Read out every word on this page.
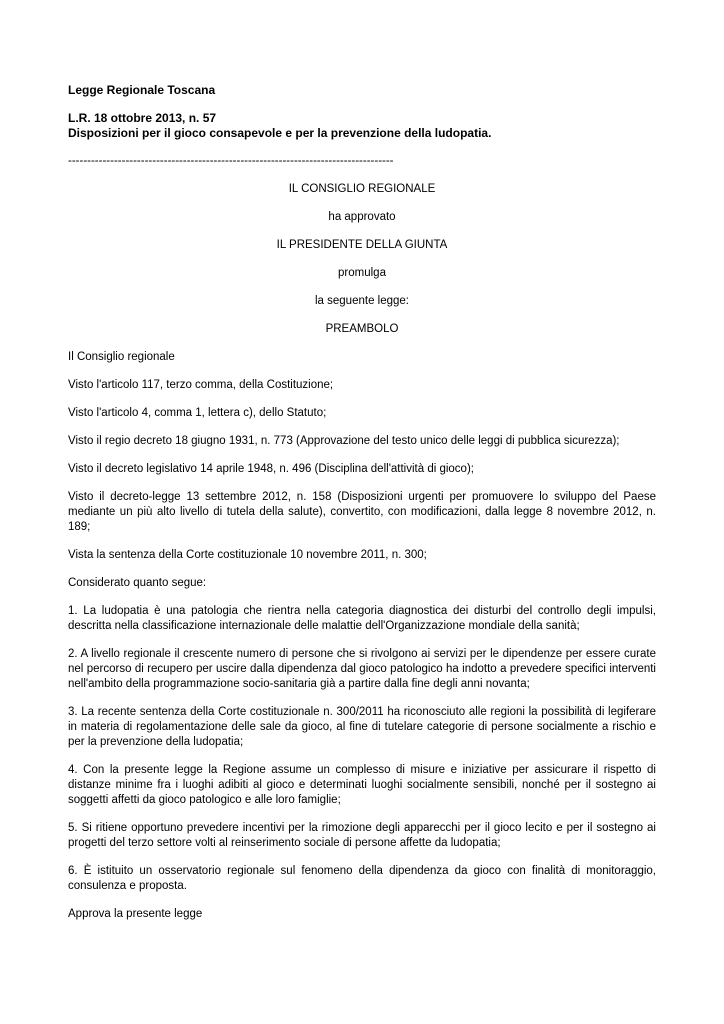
Legge Regionale Toscana

L.R. 18 ottobre 2013, n. 57

Disposizioni per il gioco consapevole e per la prevenzione della ludopatia.

-------------------------------------------------------------------------------------

IL CONSIGLIO REGIONALE

ha approvato

IL PRESIDENTE DELLA GIUNTA

promulga

la seguente legge:

PREAMBOLO

Il Consiglio regionale

Visto l'articolo 117, terzo comma, della Costituzione;

Visto l'articolo 4, comma 1, lettera c), dello Statuto;

Visto il regio decreto 18 giugno 1931, n. 773 (Approvazione del testo unico delle leggi di pubblica sicurezza);

Visto il decreto legislativo 14 aprile 1948, n. 496 (Disciplina dell'attività di gioco);

Visto il decreto-legge 13 settembre 2012, n. 158 (Disposizioni urgenti per promuovere lo sviluppo del Paese mediante un più alto livello di tutela della salute), convertito, con modificazioni, dalla legge 8 novembre 2012, n. 189;

Vista la sentenza della Corte costituzionale 10 novembre 2011, n. 300;

Considerato quanto segue:

1. La ludopatia è una patologia che rientra nella categoria diagnostica dei disturbi del controllo degli impulsi, descritta nella classificazione internazionale delle malattie dell'Organizzazione mondiale della sanità;

2. A livello regionale il crescente numero di persone che si rivolgono ai servizi per le dipendenze per essere curate nel percorso di recupero per uscire dalla dipendenza dal gioco patologico ha indotto a prevedere specifici interventi nell'ambito della programmazione socio-sanitaria già a partire dalla fine degli anni novanta;

3. La recente sentenza della Corte costituzionale n. 300/2011 ha riconosciuto alle regioni la possibilità di legiferare in materia di regolamentazione delle sale da gioco, al fine di tutelare categorie di persone socialmente a rischio e per la prevenzione della ludopatia;

4. Con la presente legge la Regione assume un complesso di misure e iniziative per assicurare il rispetto di distanze minime fra i luoghi adibiti al gioco e determinati luoghi socialmente sensibili, nonché per il sostegno ai soggetti affetti da gioco patologico e alle loro famiglie;

5. Si ritiene opportuno prevedere incentivi per la rimozione degli apparecchi per il gioco lecito e per il sostegno ai progetti del terzo settore volti al reinserimento sociale di persone affette da ludopatia;

6. È istituito un osservatorio regionale sul fenomeno della dipendenza da gioco con finalità di monitoraggio, consulenza e proposta.

Approva la presente legge
